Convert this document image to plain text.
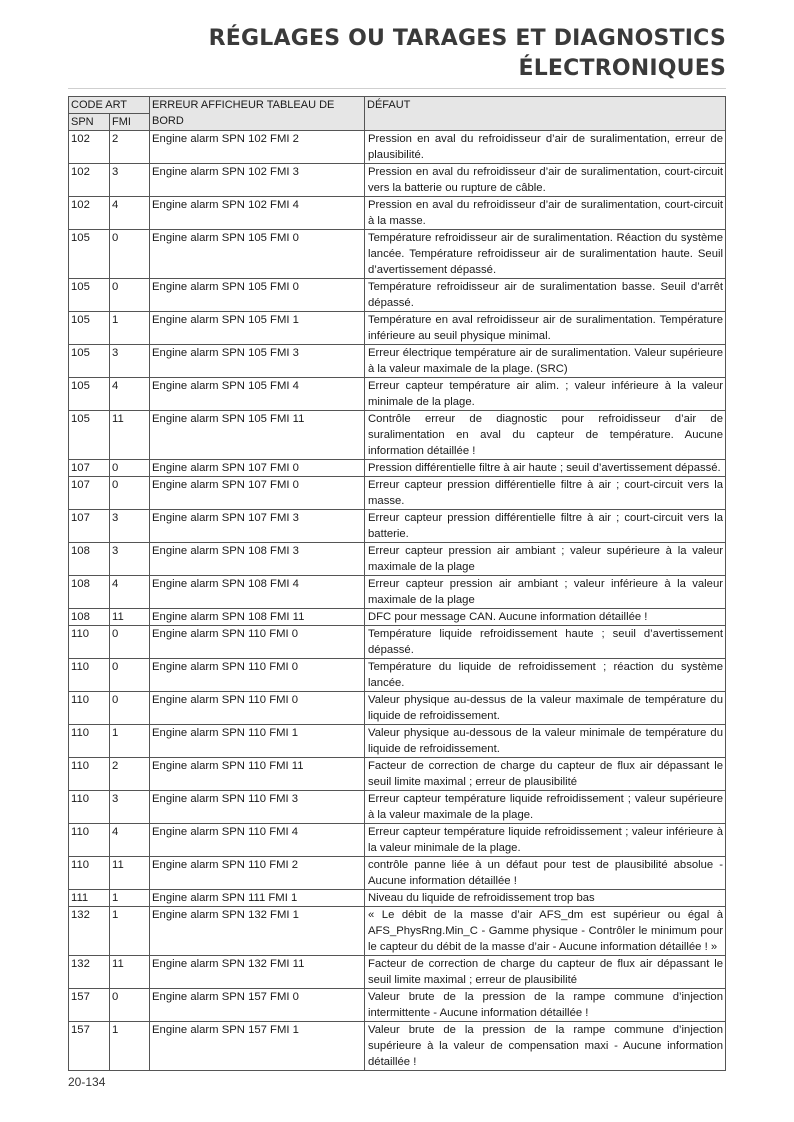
RÉGLAGES OU TARAGES ET DIAGNOSTICS
ÉLECTRONIQUES
CODE ART		ERREUR AFFICHEUR TABLEAU DE BORD	DÉFAUT
SPN	FMI		
102	2	Engine alarm SPN 102 FMI 2	Pression en aval du refroidisseur d’air de suralimentation, erreur de plausibilité.
102	3	Engine alarm SPN 102 FMI 3	Pression en aval du refroidisseur d’air de suralimentation, court-circuit vers la batterie ou rupture de câble.
102	4	Engine alarm SPN 102 FMI 4	Pression en aval du refroidisseur d’air de suralimentation, court-circuit à la masse.
105	0	Engine alarm SPN 105 FMI 0	Température refroidisseur air de suralimentation. Réaction du système lancée. Température refroidisseur air de suralimentation haute. Seuil d’avertissement dépassé.
105	0	Engine alarm SPN 105 FMI 0	Température refroidisseur air de suralimentation basse. Seuil d’arrêt dépassé.
105	1	Engine alarm SPN 105 FMI 1	Température en aval refroidisseur air de suralimentation. Température inférieure au seuil physique minimal.
105	3	Engine alarm SPN 105 FMI 3	Erreur électrique température air de suralimentation. Valeur supérieure à la valeur maximale de la plage. (SRC)
105	4	Engine alarm SPN 105 FMI 4	Erreur capteur température air alim. ; valeur inférieure à la valeur minimale de la plage.
105	11	Engine alarm SPN 105 FMI 11	Contrôle erreur de diagnostic pour refroidisseur d’air de suralimentation en aval du capteur de température. Aucune information détaillée !
107	0	Engine alarm SPN 107 FMI 0	Pression différentielle filtre à air haute ; seuil d’avertissement dépassé.
107	0	Engine alarm SPN 107 FMI 0	Erreur capteur pression différentielle filtre à air ; court-circuit vers la masse.
107	3	Engine alarm SPN 107 FMI 3	Erreur capteur pression différentielle filtre à air ; court-circuit vers la batterie.
108	3	Engine alarm SPN 108 FMI 3	Erreur capteur pression air ambiant ; valeur supérieure à la valeur maximale de la plage
108	4	Engine alarm SPN 108 FMI 4	Erreur capteur pression air ambiant ; valeur inférieure à la valeur maximale de la plage
108	11	Engine alarm SPN 108 FMI 11	DFC pour message CAN. Aucune information détaillée !
110	0	Engine alarm SPN 110 FMI 0	Température liquide refroidissement haute ; seuil d’avertissement dépassé.
110	0	Engine alarm SPN 110 FMI 0	Température du liquide de refroidissement ; réaction du système lancée.
110	0	Engine alarm SPN 110 FMI 0	Valeur physique au-dessus de la valeur maximale de température du liquide de refroidissement.
110	1	Engine alarm SPN 110 FMI 1	Valeur physique au-dessous de la valeur minimale de température du liquide de refroidissement.
110	2	Engine alarm SPN 110 FMI 11	Facteur de correction de charge du capteur de flux air dépassant le seuil limite maximal ; erreur de plausibilité
110	3	Engine alarm SPN 110 FMI 3	Erreur capteur température liquide refroidissement ; valeur supérieure à la valeur maximale de la plage.
110	4	Engine alarm SPN 110 FMI 4	Erreur capteur température liquide refroidissement ; valeur inférieure à la valeur minimale de la plage.
110	11	Engine alarm SPN 110 FMI 2	contrôle panne liée à un défaut pour test de plausibilité absolue - Aucune information détaillée !
111	1	Engine alarm SPN 111 FMI 1	Niveau du liquide de refroidissement trop bas
132	1	Engine alarm SPN 132 FMI 1	« Le débit de la masse d’air AFS_dm est supérieur ou égal à AFS_PhysRng.Min_C - Gamme physique - Contrôler le minimum pour le capteur du débit de la masse d’air - Aucune information détaillée ! »
132	11	Engine alarm SPN 132 FMI 11	Facteur de correction de charge du capteur de flux air dépassant le seuil limite maximal ; erreur de plausibilité
157	0	Engine alarm SPN 157 FMI 0	Valeur brute de la pression de la rampe commune d’injection intermittente - Aucune information détaillée !
157	1	Engine alarm SPN 157 FMI 1	Valeur brute de la pression de la rampe commune d’injection supérieure à la valeur de compensation maxi - Aucune information détaillée !
20-134
